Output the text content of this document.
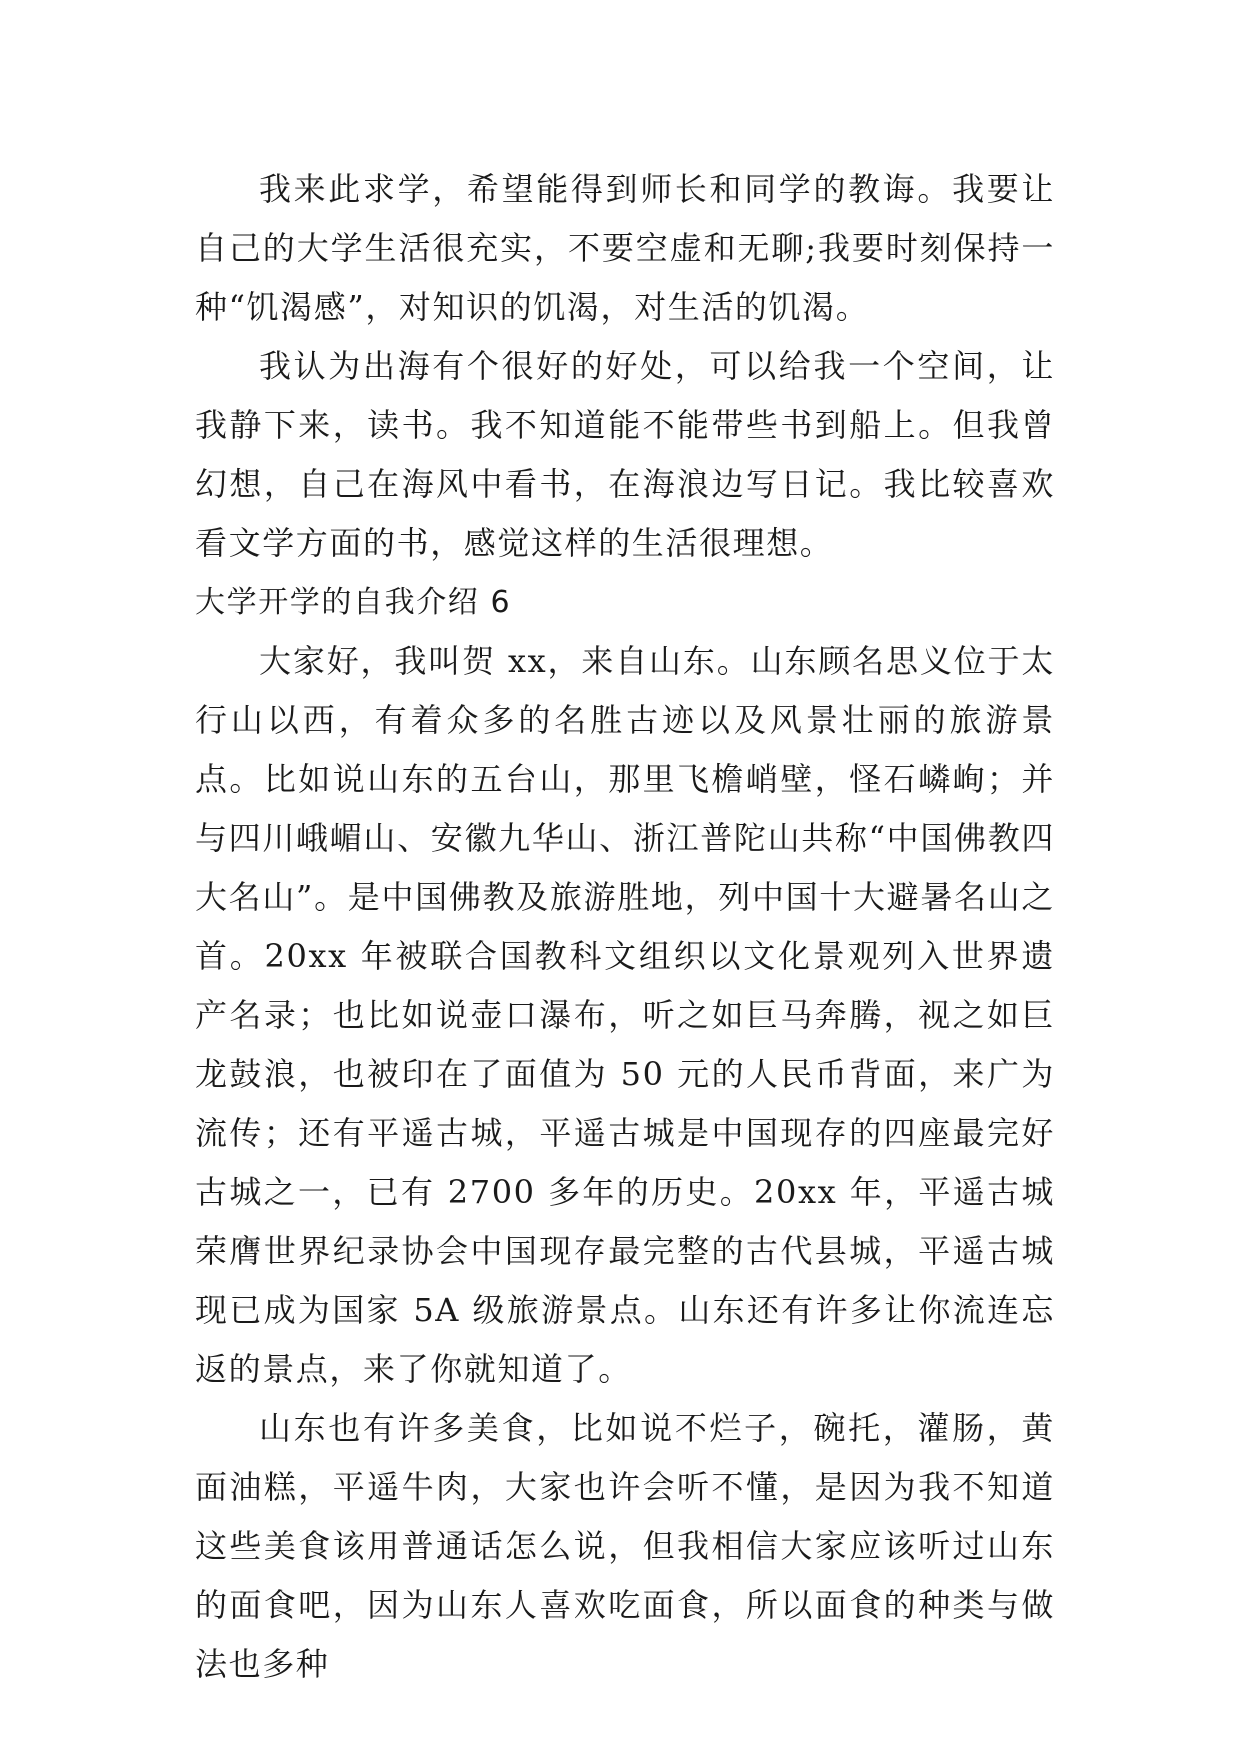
我来此求学，希望能得到师长和同学的教诲。我要让自己的大学生活很充实，不要空虚和无聊;我要时刻保持一种“饥渴感”，对知识的饥渴，对生活的饥渴。

我认为出海有个很好的好处，可以给我一个空间，让我静下来，读书。我不知道能不能带些书到船上。但我曾幻想，自己在海风中看书，在海浪边写日记。我比较喜欢看文学方面的书，感觉这样的生活很理想。

大学开学的自我介绍 6

大家好，我叫贺 xx，来自山东。山东顾名思义位于太行山以西，有着众多的名胜古迹以及风景壮丽的旅游景点。比如说山东的五台山，那里飞檐峭壁，怪石嶙峋；并与四川峨嵋山、安徽九华山、浙江普陀山共称“中国佛教四大名山”。是中国佛教及旅游胜地，列中国十大避暑名山之首。20xx 年被联合国教科文组织以文化景观列入世界遗产名录；也比如说壶口瀑布，听之如巨马奔腾，视之如巨龙鼓浪，也被印在了面值为 50 元的人民币背面，来广为流传；还有平遥古城，平遥古城是中国现存的四座最完好古城之一，已有 2700 多年的历史。20xx 年，平遥古城荣膺世界纪录协会中国现存最完整的古代县城，平遥古城现已成为国家 5A 级旅游景点。山东还有许多让你流连忘返的景点，来了你就知道了。

山东也有许多美食，比如说不烂子，碗托，灌肠，黄面油糕，平遥牛肉，大家也许会听不懂，是因为我不知道这些美食该用普通话怎么说，但我相信大家应该听过山东的面食吧，因为山东人喜欢吃面食，所以面食的种类与做法也多种
